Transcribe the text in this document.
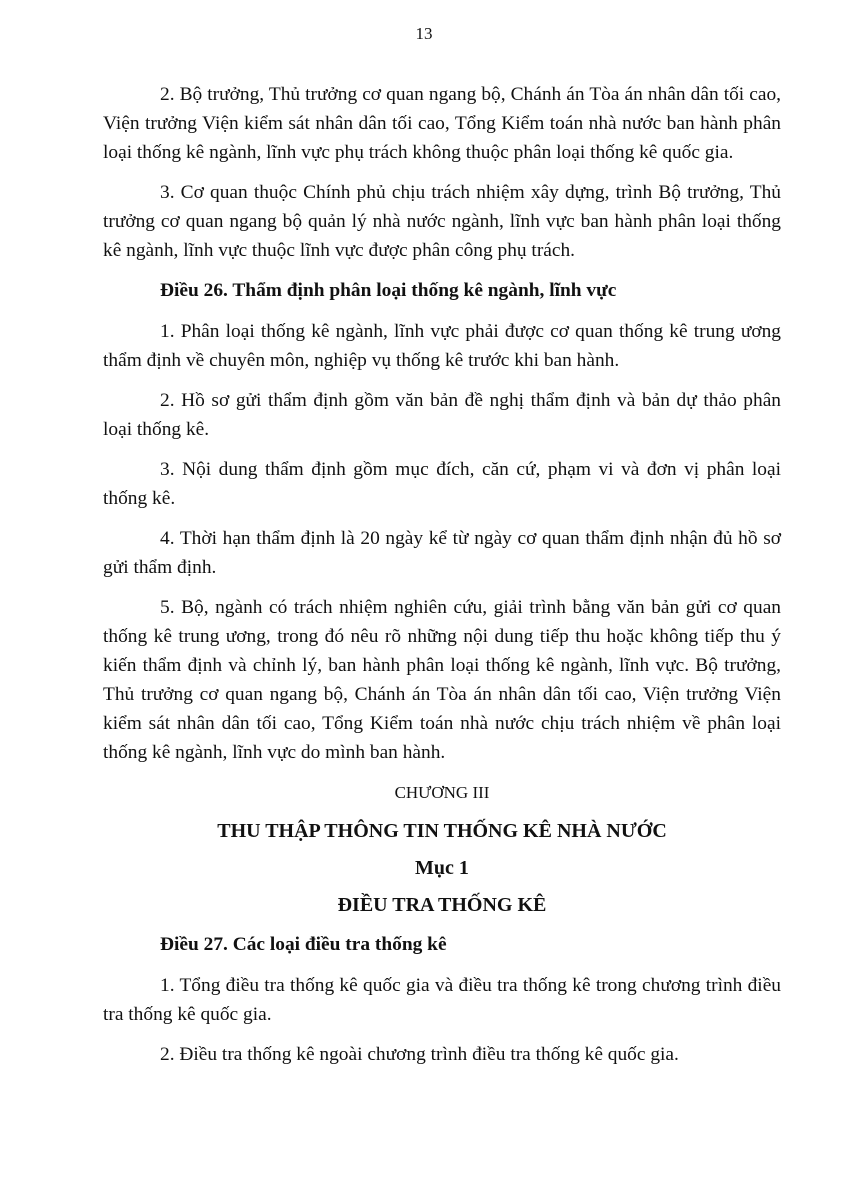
13

2. Bộ trưởng, Thủ trưởng cơ quan ngang bộ, Chánh án Tòa án nhân dân tối cao, Viện trưởng Viện kiểm sát nhân dân tối cao, Tổng Kiểm toán nhà nước ban hành phân loại thống kê ngành, lĩnh vực phụ trách không thuộc phân loại thống kê quốc gia.

3. Cơ quan thuộc Chính phủ chịu trách nhiệm xây dựng, trình Bộ trưởng, Thủ trưởng cơ quan ngang bộ quản lý nhà nước ngành, lĩnh vực ban hành phân loại thống kê ngành, lĩnh vực thuộc lĩnh vực được phân công phụ trách.

Điều 26. Thẩm định phân loại thống kê ngành, lĩnh vực

1. Phân loại thống kê ngành, lĩnh vực phải được cơ quan thống kê trung ương thẩm định về chuyên môn, nghiệp vụ thống kê trước khi ban hành.

2. Hồ sơ gửi thẩm định gồm văn bản đề nghị thẩm định và bản dự thảo phân loại thống kê.

3. Nội dung thẩm định gồm mục đích, căn cứ, phạm vi và đơn vị phân loại thống kê.

4. Thời hạn thẩm định là 20 ngày kể từ ngày cơ quan thẩm định nhận đủ hồ sơ gửi thẩm định.

5. Bộ, ngành có trách nhiệm nghiên cứu, giải trình bằng văn bản gửi cơ quan thống kê trung ương, trong đó nêu rõ những nội dung tiếp thu hoặc không tiếp thu ý kiến thẩm định và chỉnh lý, ban hành phân loại thống kê ngành, lĩnh vực. Bộ trưởng, Thủ trưởng cơ quan ngang bộ, Chánh án Tòa án nhân dân tối cao, Viện trưởng Viện kiểm sát nhân dân tối cao, Tổng Kiểm toán nhà nước chịu trách nhiệm về phân loại thống kê ngành, lĩnh vực do mình ban hành.

CHƯƠNG III

THU THẬP THÔNG TIN THỐNG KÊ NHÀ NƯỚC

Mục 1

ĐIỀU TRA THỐNG KÊ

Điều 27. Các loại điều tra thống kê

1. Tổng điều tra thống kê quốc gia và điều tra thống kê trong chương trình điều tra thống kê quốc gia.

2. Điều tra thống kê ngoài chương trình điều tra thống kê quốc gia.
